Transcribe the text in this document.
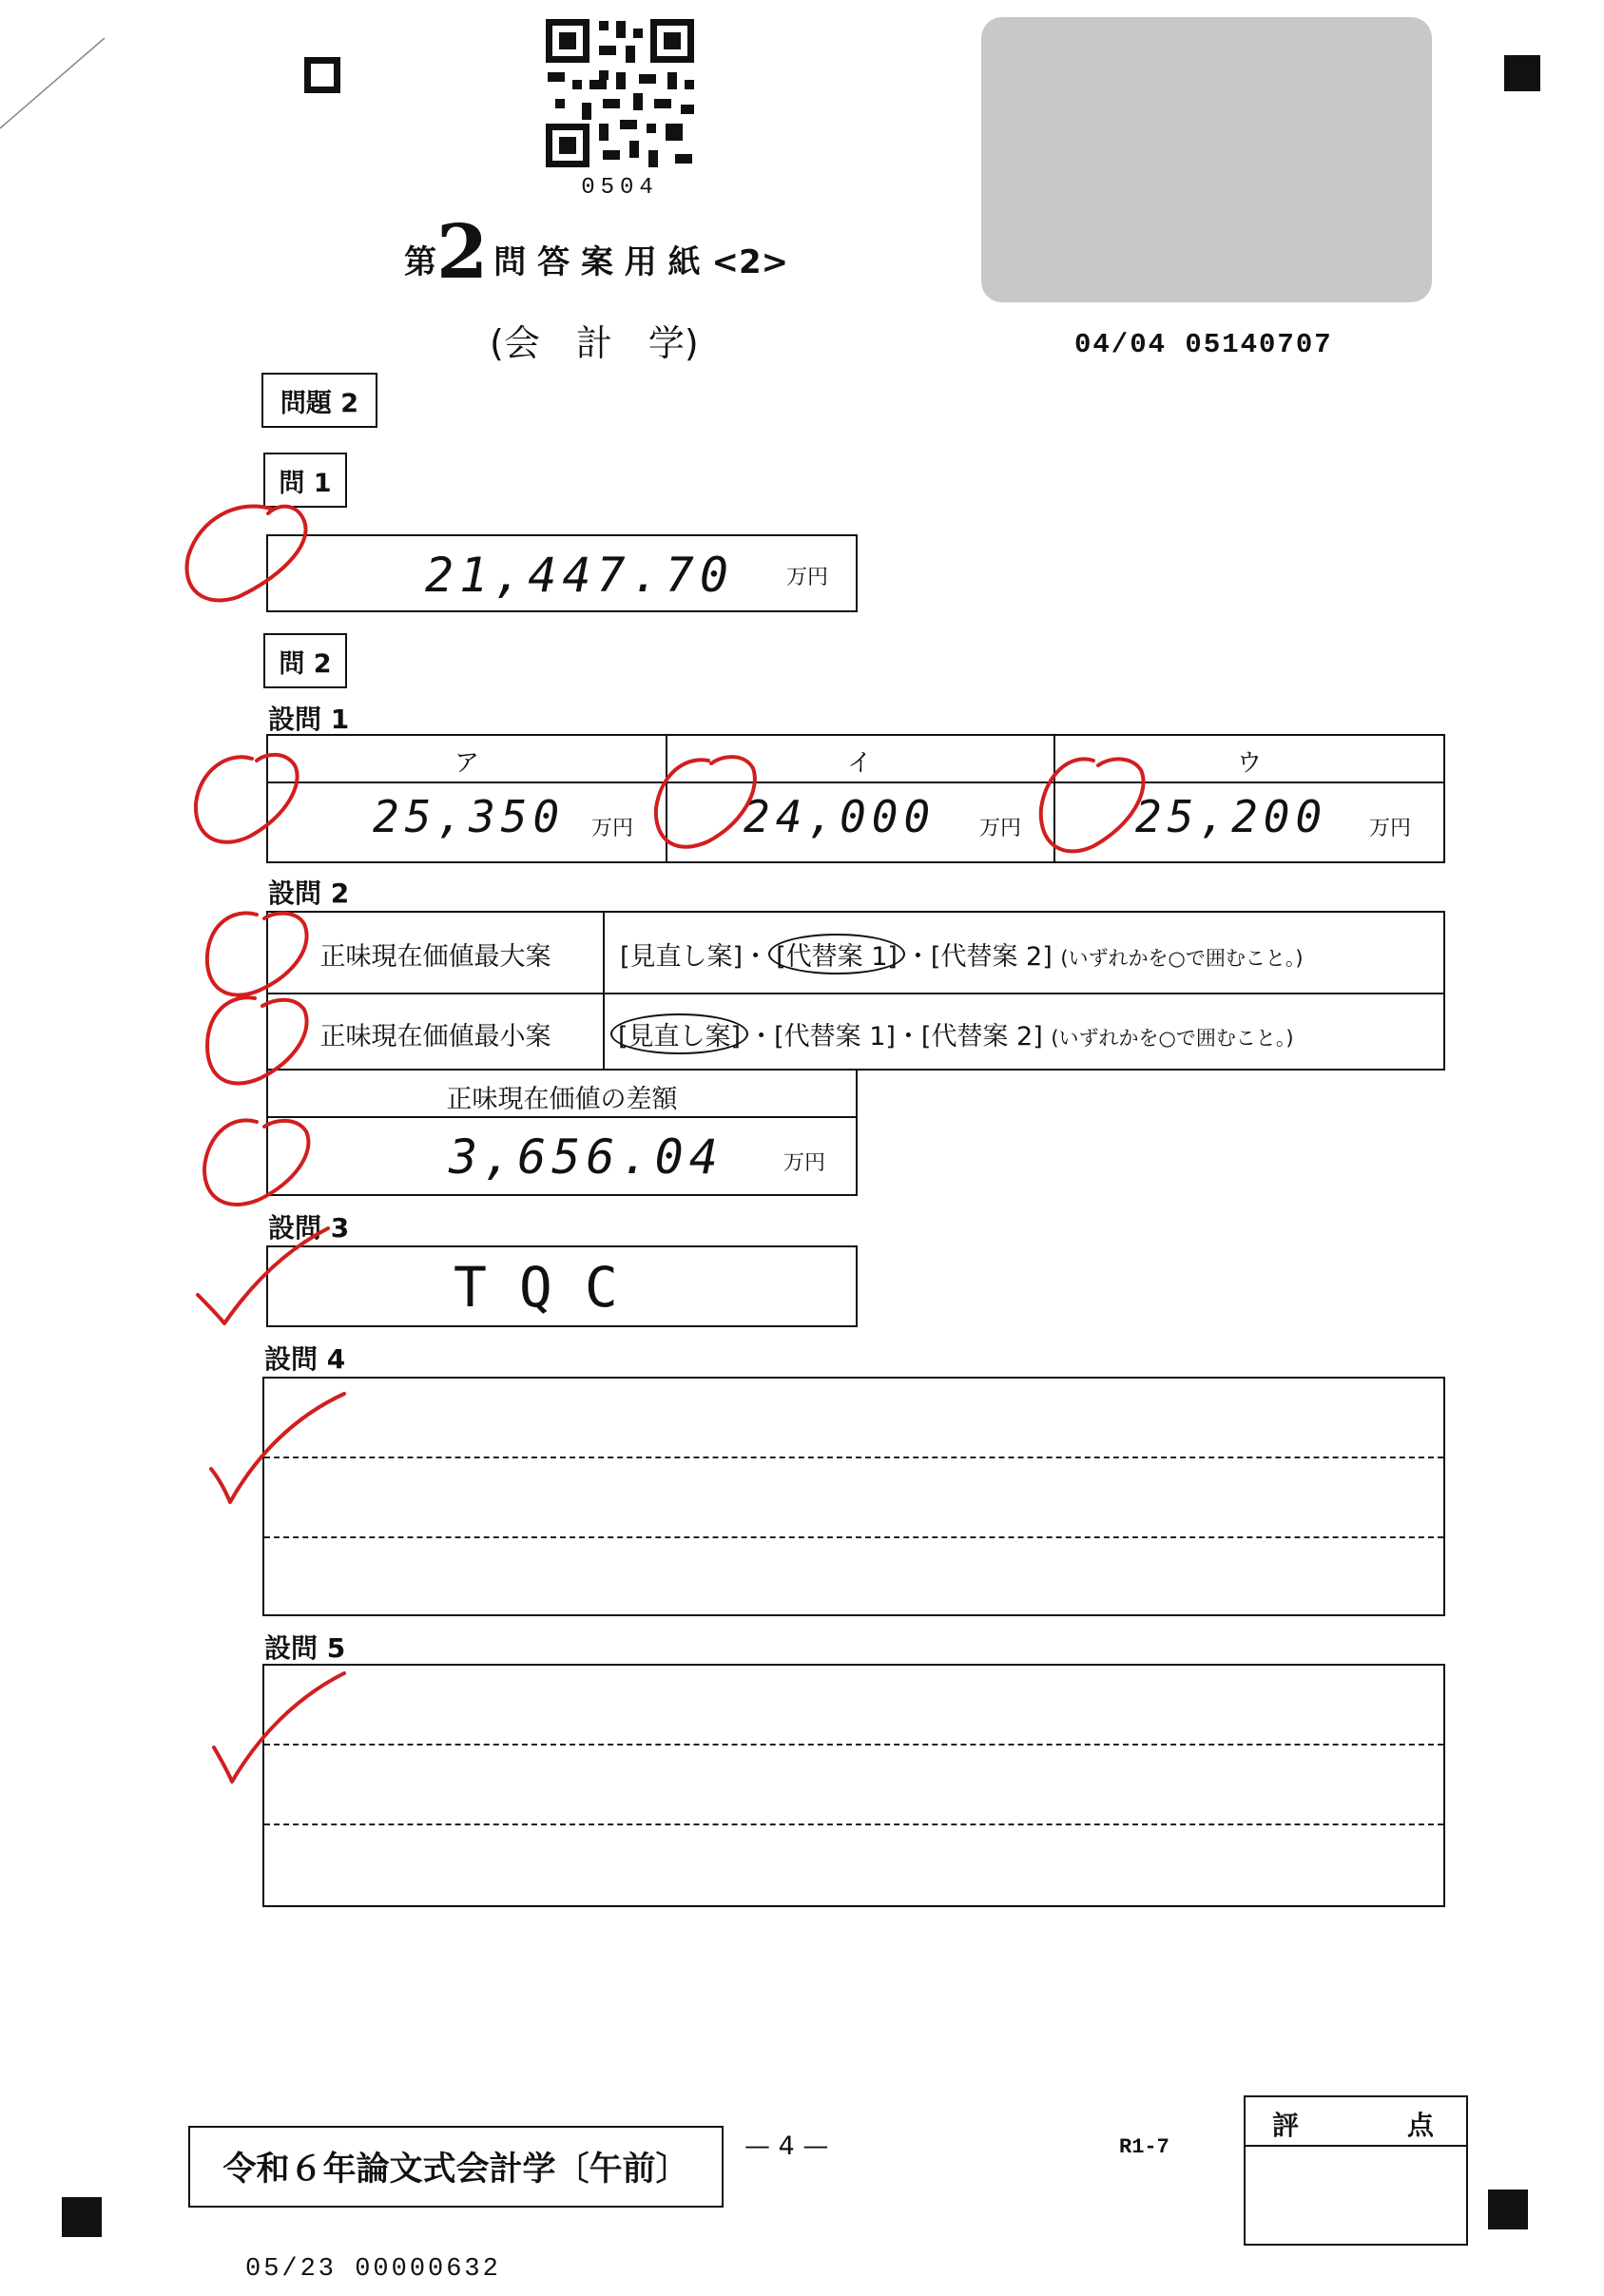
0504
第 2 問 答 案 用 紙 <2>
(会　計　学)	04/04 05140707
問題 2
問 1
21,447.70	万円
問 2
設問 1
ア	イ	ウ
25,350 万円	24,000 万円	25,200 万円
設問 2
正味現在価値最大案	[見直し案]・ [代替案 1] ・[代替案 2] (いずれかを○で囲むこと。)
正味現在価値最小案	[見直し案] ・[代替案 1]・[代替案 2] (いずれかを○で囲むこと。)
正味現在価値の差額
3,656.04	万円
設問 3
TQC
設問 4
設問 5
令和６年論文式会計学〔午前〕
— 4 —	R1-7
評	点
05/23 00000632
